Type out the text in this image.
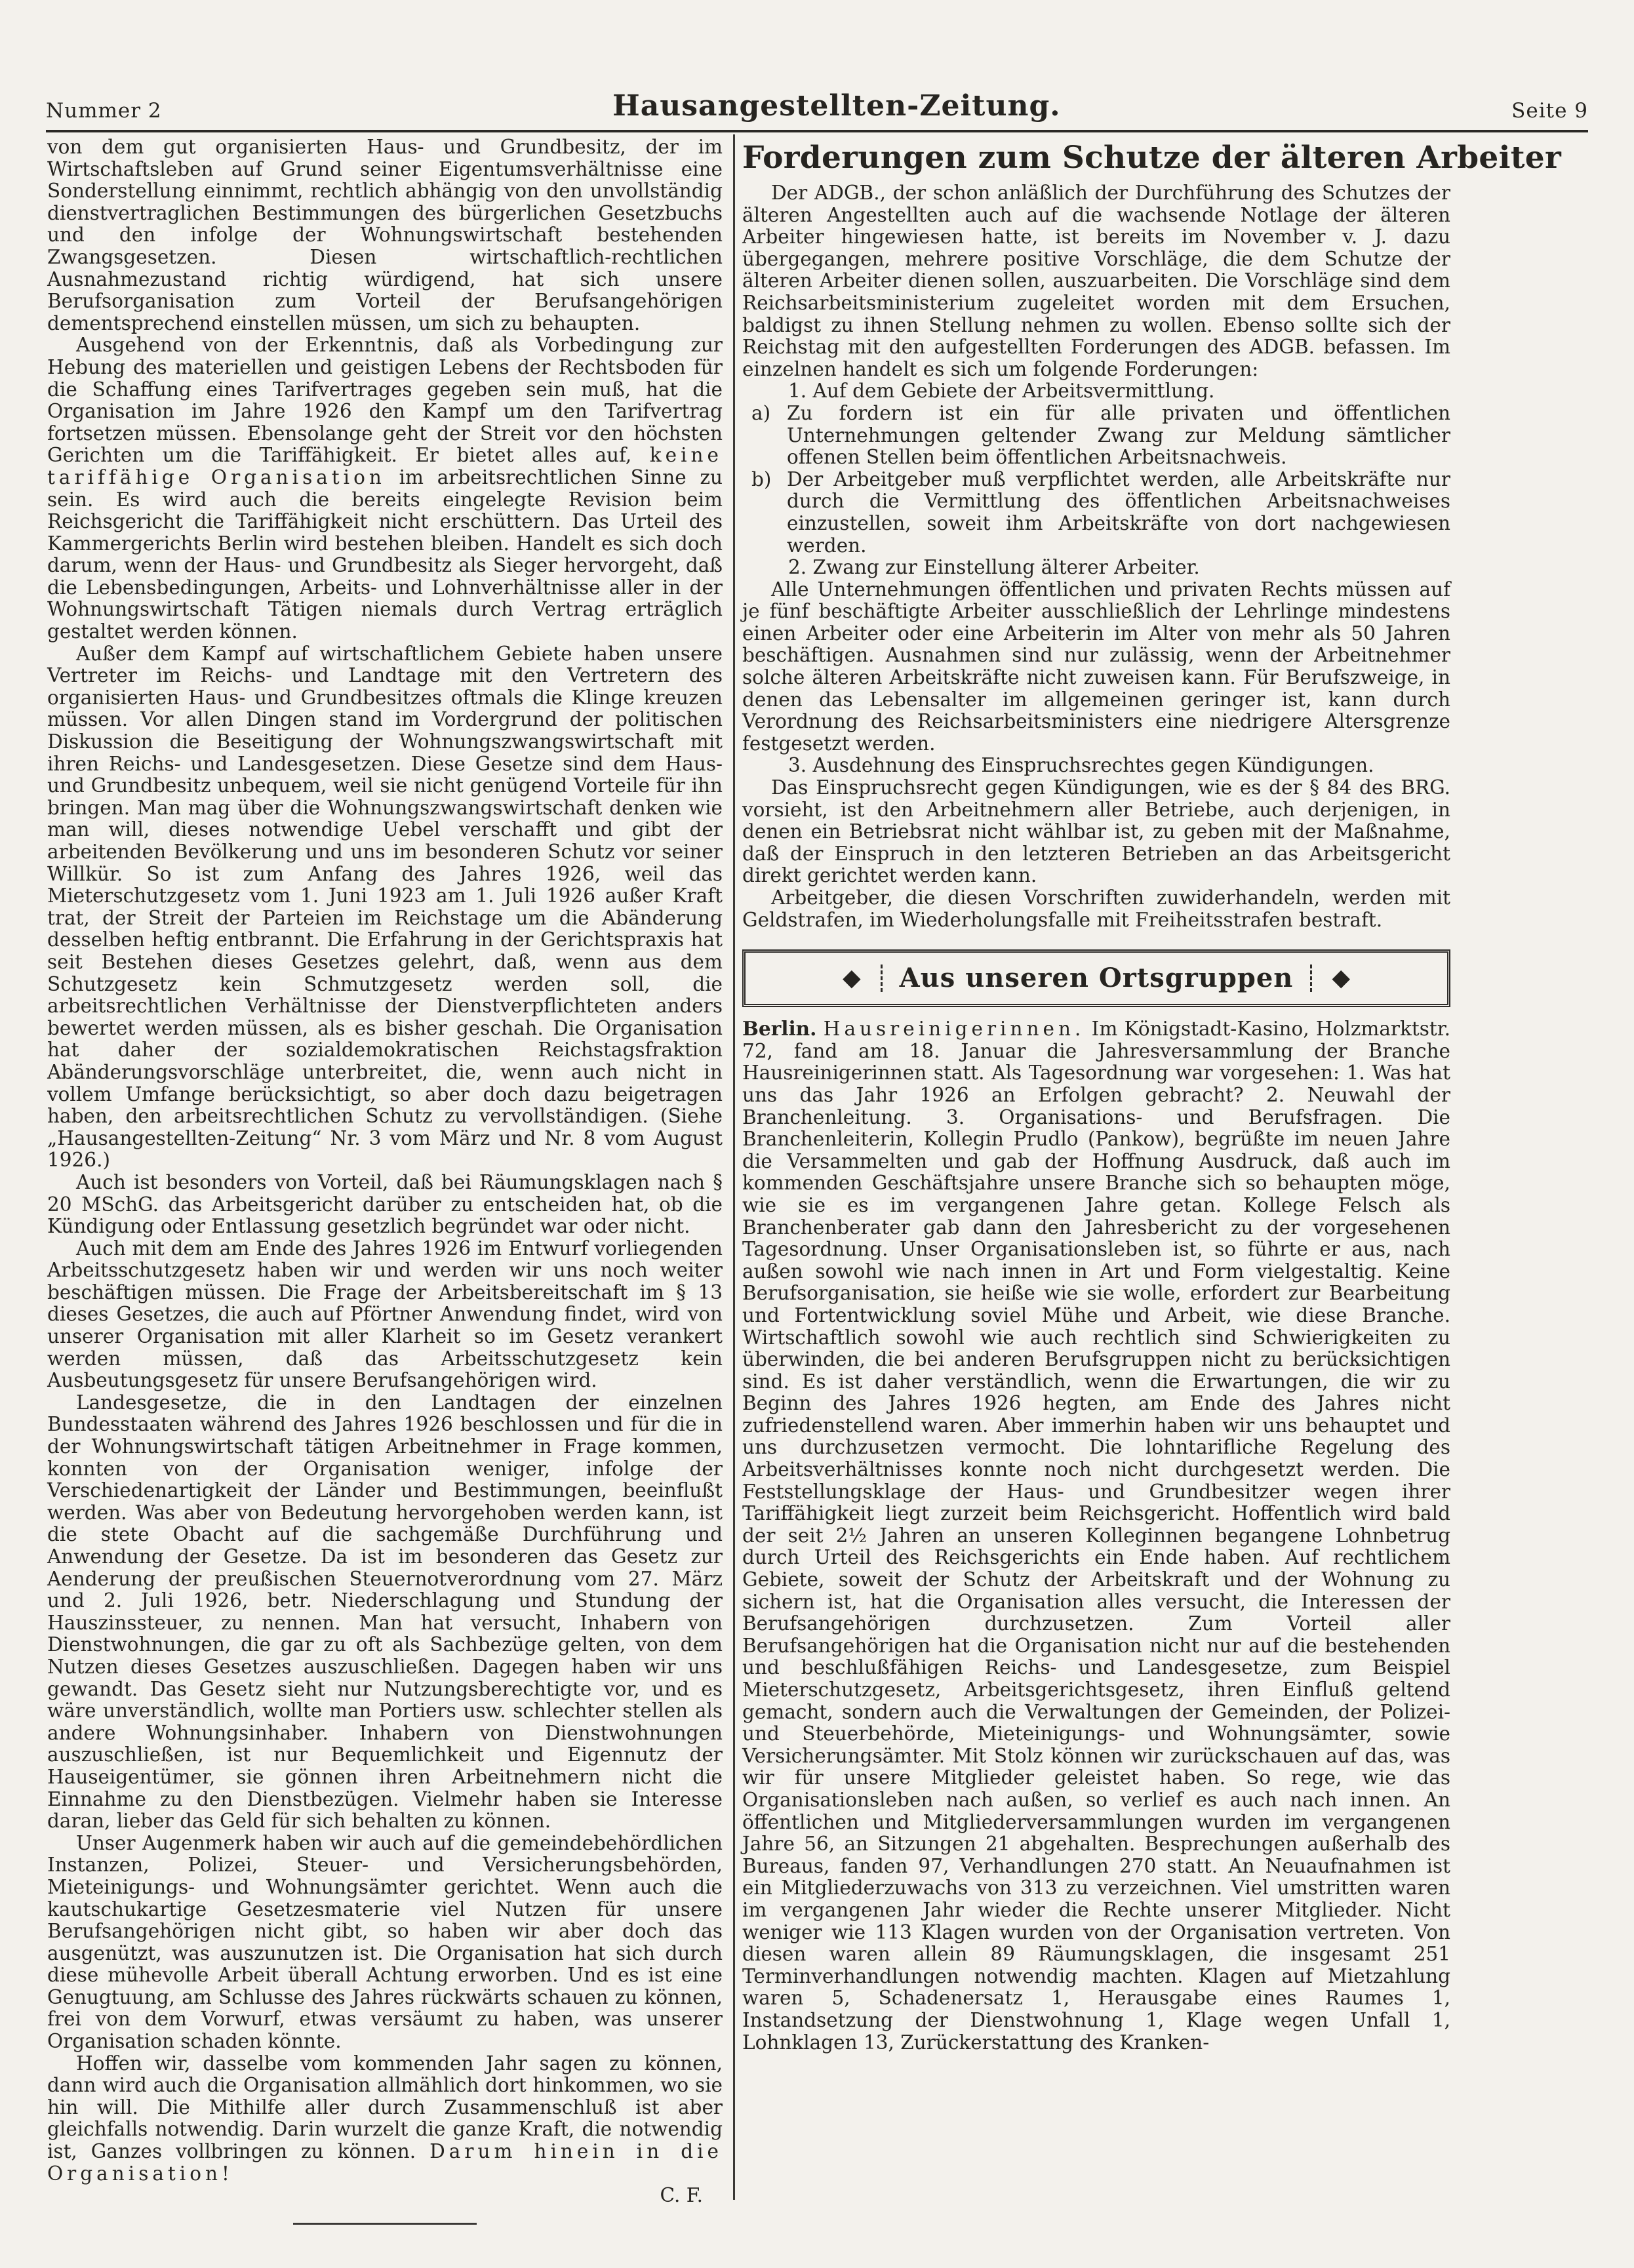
Nummer 2	Hausangestellten-Zeitung.	Seite 9

von dem gut organisierten Haus- und Grundbesitz, der im Wirtschaftsleben auf Grund seiner Eigentumsverhältnisse eine Sonderstellung einnimmt, rechtlich abhängig von den unvollständig dienstvertraglichen Bestimmungen des bürgerlichen Gesetzbuchs und den infolge der Wohnungswirtschaft bestehenden Zwangsgesetzen. Diesen wirtschaftlich-rechtlichen Ausnahmezustand richtig würdigend, hat sich unsere Berufsorganisation zum Vorteil der Berufsangehörigen dementsprechend einstellen müssen, um sich zu behaupten.

Ausgehend von der Erkenntnis, daß als Vorbedingung zur Hebung des materiellen und geistigen Lebens der Rechtsboden für die Schaffung eines Tarifvertrages gegeben sein muß, hat die Organisation im Jahre 1926 den Kampf um den Tarifvertrag fortsetzen müssen. Ebensolange geht der Streit vor den höchsten Gerichten um die Tariffähigkeit. Er bietet alles auf, keine tariffähige Organisation im arbeitsrechtlichen Sinne zu sein. Es wird auch die bereits eingelegte Revision beim Reichsgericht die Tariffähigkeit nicht erschüttern. Das Urteil des Kammergerichts Berlin wird bestehen bleiben. Handelt es sich doch darum, wenn der Haus- und Grundbesitz als Sieger hervorgeht, daß die Lebensbedingungen, Arbeits- und Lohnverhältnisse aller in der Wohnungswirtschaft Tätigen niemals durch Vertrag erträglich gestaltet werden können.

Außer dem Kampf auf wirtschaftlichem Gebiete haben unsere Vertreter im Reichs- und Landtage mit den Vertretern des organisierten Haus- und Grundbesitzes oftmals die Klinge kreuzen müssen. Vor allen Dingen stand im Vordergrund der politischen Diskussion die Beseitigung der Wohnungszwangswirtschaft mit ihren Reichs- und Landesgesetzen. Diese Gesetze sind dem Haus- und Grundbesitz unbequem, weil sie nicht genügend Vorteile für ihn bringen. Man mag über die Wohnungszwangswirtschaft denken wie man will, dieses notwendige Uebel verschafft und gibt der arbeitenden Bevölkerung und uns im besonderen Schutz vor seiner Willkür. So ist zum Anfang des Jahres 1926, weil das Mieterschutzgesetz vom 1. Juni 1923 am 1. Juli 1926 außer Kraft trat, der Streit der Parteien im Reichstage um die Abänderung desselben heftig entbrannt. Die Erfahrung in der Gerichtspraxis hat seit Bestehen dieses Gesetzes gelehrt, daß, wenn aus dem Schutzgesetz kein Schmutzgesetz werden soll, die arbeitsrechtlichen Verhältnisse der Dienstverpflichteten anders bewertet werden müssen, als es bisher geschah. Die Organisation hat daher der sozialdemokratischen Reichstagsfraktion Abänderungsvorschläge unterbreitet, die, wenn auch nicht in vollem Umfange berücksichtigt, so aber doch dazu beigetragen haben, den arbeitsrechtlichen Schutz zu vervollständigen. (Siehe „Hausangestellten-Zeitung“ Nr. 3 vom März und Nr. 8 vom August 1926.)

Auch ist besonders von Vorteil, daß bei Räumungsklagen nach § 20 MSchG. das Arbeitsgericht darüber zu entscheiden hat, ob die Kündigung oder Entlassung gesetzlich begründet war oder nicht.

Auch mit dem am Ende des Jahres 1926 im Entwurf vorliegenden Arbeitsschutzgesetz haben wir und werden wir uns noch weiter beschäftigen müssen. Die Frage der Arbeitsbereitschaft im § 13 dieses Gesetzes, die auch auf Pförtner Anwendung findet, wird von unserer Organisation mit aller Klarheit so im Gesetz verankert werden müssen, daß das Arbeitsschutzgesetz kein Ausbeutungsgesetz für unsere Berufsangehörigen wird.

Landesgesetze, die in den Landtagen der einzelnen Bundesstaaten während des Jahres 1926 beschlossen und für die in der Wohnungswirtschaft tätigen Arbeitnehmer in Frage kommen, konnten von der Organisation weniger, infolge der Verschiedenartigkeit der Länder und Bestimmungen, beeinflußt werden. Was aber von Bedeutung hervorgehoben werden kann, ist die stete Obacht auf die sachgemäße Durchführung und Anwendung der Gesetze. Da ist im besonderen das Gesetz zur Aenderung der preußischen Steuernotverordnung vom 27. März und 2. Juli 1926, betr. Niederschlagung und Stundung der Hauszinssteuer, zu nennen. Man hat versucht, Inhabern von Dienstwohnungen, die gar zu oft als Sachbezüge gelten, von dem Nutzen dieses Gesetzes auszuschließen. Dagegen haben wir uns gewandt. Das Gesetz sieht nur Nutzungsberechtigte vor, und es wäre unverständlich, wollte man Portiers usw. schlechter stellen als andere Wohnungsinhaber. Inhabern von Dienstwohnungen auszuschließen, ist nur Bequemlichkeit und Eigennutz der Hauseigentümer, sie gönnen ihren Arbeitnehmern nicht die Einnahme zu den Dienstbezügen. Vielmehr haben sie Interesse daran, lieber das Geld für sich behalten zu können.

Unser Augenmerk haben wir auch auf die gemeindebehördlichen Instanzen, Polizei, Steuer- und Versicherungsbehörden, Mieteinigungs- und Wohnungsämter gerichtet. Wenn auch die kautschukartige Gesetzesmaterie viel Nutzen für unsere Berufsangehörigen nicht gibt, so haben wir aber doch das ausgenützt, was auszunutzen ist. Die Organisation hat sich durch diese mühevolle Arbeit überall Achtung erworben. Und es ist eine Genugtuung, am Schlusse des Jahres rückwärts schauen zu können, frei von dem Vorwurf, etwas versäumt zu haben, was unserer Organisation schaden könnte.

Hoffen wir, dasselbe vom kommenden Jahr sagen zu können, dann wird auch die Organisation allmählich dort hinkommen, wo sie hin will. Die Mithilfe aller durch Zusammenschluß ist aber gleichfalls notwendig. Darin wurzelt die ganze Kraft, die notwendig ist, Ganzes vollbringen zu können. Darum hinein in die Organisation!

C. F.
Forderungen zum Schutze der älteren Arbeiter

Der ADGB., der schon anläßlich der Durchführung des Schutzes der älteren Angestellten auch auf die wachsende Notlage der älteren Arbeiter hingewiesen hatte, ist bereits im November v. J. dazu übergegangen, mehrere positive Vorschläge, die dem Schutze der älteren Arbeiter dienen sollen, auszuarbeiten. Die Vorschläge sind dem Reichsarbeitsministerium zugeleitet worden mit dem Ersuchen, baldigst zu ihnen Stellung nehmen zu wollen. Ebenso sollte sich der Reichstag mit den aufgestellten Forderungen des ADGB. befassen. Im einzelnen handelt es sich um folgende Forderungen:

1. Auf dem Gebiete der Arbeitsvermittlung.

a) Zu fordern ist ein für alle privaten und öffentlichen Unternehmungen geltender Zwang zur Meldung sämtlicher offenen Stellen beim öffentlichen Arbeitsnachweis.
b) Der Arbeitgeber muß verpflichtet werden, alle Arbeitskräfte nur durch die Vermittlung des öffentlichen Arbeitsnachweises einzustellen, soweit ihm Arbeitskräfte von dort nachgewiesen werden.

2. Zwang zur Einstellung älterer Arbeiter.

Alle Unternehmungen öffentlichen und privaten Rechts müssen auf je fünf beschäftigte Arbeiter ausschließlich der Lehrlinge mindestens einen Arbeiter oder eine Arbeiterin im Alter von mehr als 50 Jahren beschäftigen. Ausnahmen sind nur zulässig, wenn der Arbeitnehmer solche älteren Arbeitskräfte nicht zuweisen kann. Für Berufszweige, in denen das Lebensalter im allgemeinen geringer ist, kann durch Verordnung des Reichsarbeitsministers eine niedrigere Altersgrenze festgesetzt werden.

3. Ausdehnung des Einspruchsrechtes gegen Kündigungen.

Das Einspruchsrecht gegen Kündigungen, wie es der § 84 des BRG. vorsieht, ist den Arbeitnehmern aller Betriebe, auch derjenigen, in denen ein Betriebsrat nicht wählbar ist, zu geben mit der Maßnahme, daß der Einspruch in den letzteren Betrieben an das Arbeitsgericht direkt gerichtet werden kann.

Arbeitgeber, die diesen Vorschriften zuwiderhandeln, werden mit Geldstrafen, im Wiederholungsfalle mit Freiheitsstrafen bestraft.

◆	Aus unseren Ortsgruppen	◆

Berlin. Hausreinigerinnen. Im Königstadt-Kasino, Holzmarktstr. 72, fand am 18. Januar die Jahresversammlung der Branche Hausreinigerinnen statt. Als Tagesordnung war vorgesehen: 1. Was hat uns das Jahr 1926 an Erfolgen gebracht? 2. Neuwahl der Branchenleitung. 3. Organisations- und Berufsfragen. Die Branchenleiterin, Kollegin Prudlo (Pankow), begrüßte im neuen Jahre die Versammelten und gab der Hoffnung Ausdruck, daß auch im kommenden Geschäftsjahre unsere Branche sich so behaupten möge, wie sie es im vergangenen Jahre getan. Kollege Felsch als Branchenberater gab dann den Jahresbericht zu der vorgesehenen Tagesordnung. Unser Organisationsleben ist, so führte er aus, nach außen sowohl wie nach innen in Art und Form vielgestaltig. Keine Berufsorganisation, sie heiße wie sie wolle, erfordert zur Bearbeitung und Fortentwicklung soviel Mühe und Arbeit, wie diese Branche. Wirtschaftlich sowohl wie auch rechtlich sind Schwierigkeiten zu überwinden, die bei anderen Berufsgruppen nicht zu berücksichtigen sind. Es ist daher verständlich, wenn die Erwartungen, die wir zu Beginn des Jahres 1926 hegten, am Ende des Jahres nicht zufriedenstellend waren. Aber immerhin haben wir uns behauptet und uns durchzusetzen vermocht. Die lohntarifliche Regelung des Arbeitsverhältnisses konnte noch nicht durchgesetzt werden. Die Feststellungsklage der Haus- und Grundbesitzer wegen ihrer Tariffähigkeit liegt zurzeit beim Reichsgericht. Hoffentlich wird bald der seit 2½ Jahren an unseren Kolleginnen begangene Lohnbetrug durch Urteil des Reichsgerichts ein Ende haben. Auf rechtlichem Gebiete, soweit der Schutz der Arbeitskraft und der Wohnung zu sichern ist, hat die Organisation alles versucht, die Interessen der Berufsangehörigen durchzusetzen. Zum Vorteil aller Berufsangehörigen hat die Organisation nicht nur auf die bestehenden und beschlußfähigen Reichs- und Landesgesetze, zum Beispiel Mieterschutzgesetz, Arbeitsgerichtsgesetz, ihren Einfluß geltend gemacht, sondern auch die Verwaltungen der Gemeinden, der Polizei- und Steuerbehörde, Mieteinigungs- und Wohnungsämter, sowie Versicherungsämter. Mit Stolz können wir zurückschauen auf das, was wir für unsere Mitglieder geleistet haben. So rege, wie das Organisationsleben nach außen, so verlief es auch nach innen. An öffentlichen und Mitgliederversammlungen wurden im vergangenen Jahre 56, an Sitzungen 21 abgehalten. Besprechungen außerhalb des Bureaus, fanden 97, Verhandlungen 270 statt. An Neuaufnahmen ist ein Mitgliederzuwachs von 313 zu verzeichnen. Viel umstritten waren im vergangenen Jahr wieder die Rechte unserer Mitglieder. Nicht weniger wie 113 Klagen wurden von der Organisation vertreten. Von diesen waren allein 89 Räumungsklagen, die insgesamt 251 Terminverhandlungen notwendig machten. Klagen auf Mietzahlung waren 5, Schadenersatz 1, Herausgabe eines Raumes 1, Instandsetzung der Dienstwohnung 1, Klage wegen Unfall 1, Lohnklagen 13, Zurückerstattung des Kranken-
